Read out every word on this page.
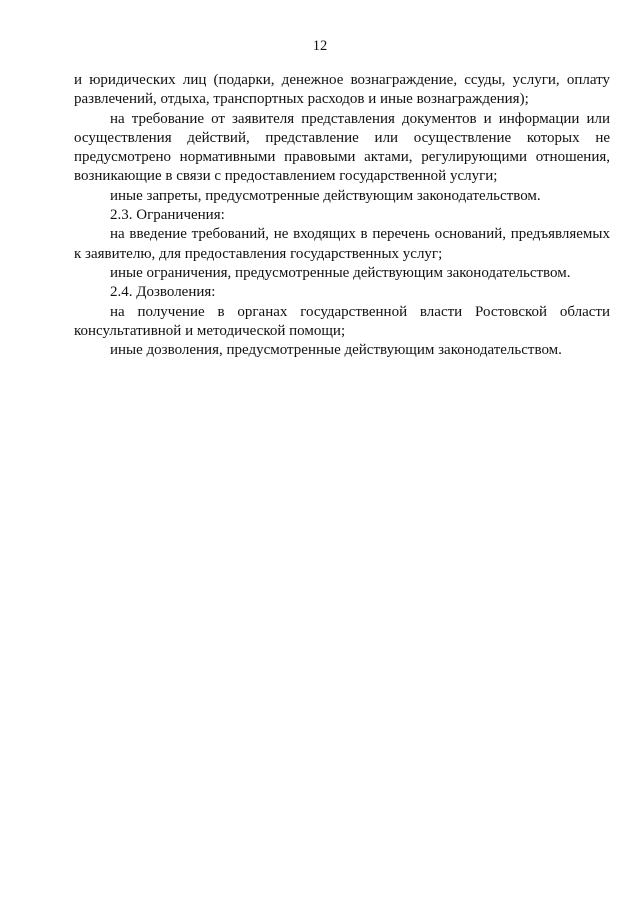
12

и юридических лиц (подарки, денежное вознаграждение, ссуды, услуги, оплату развлечений, отдыха, транспортных расходов и иные вознаграждения);

на требование от заявителя представления документов и информации или осуществления действий, представление или осуществление которых не предусмотрено нормативными правовыми актами, регулирующими отношения, возникающие в связи с предоставлением государственной услуги;

иные запреты, предусмотренные действующим законодательством.

2.3. Ограничения:

на введение требований, не входящих в перечень оснований, предъявляемых к заявителю, для предоставления государственных услуг;

иные ограничения, предусмотренные действующим законодательством.

2.4. Дозволения:

на получение в органах государственной власти Ростовской области консультативной и методической помощи;

иные дозволения, предусмотренные действующим законодательством.
